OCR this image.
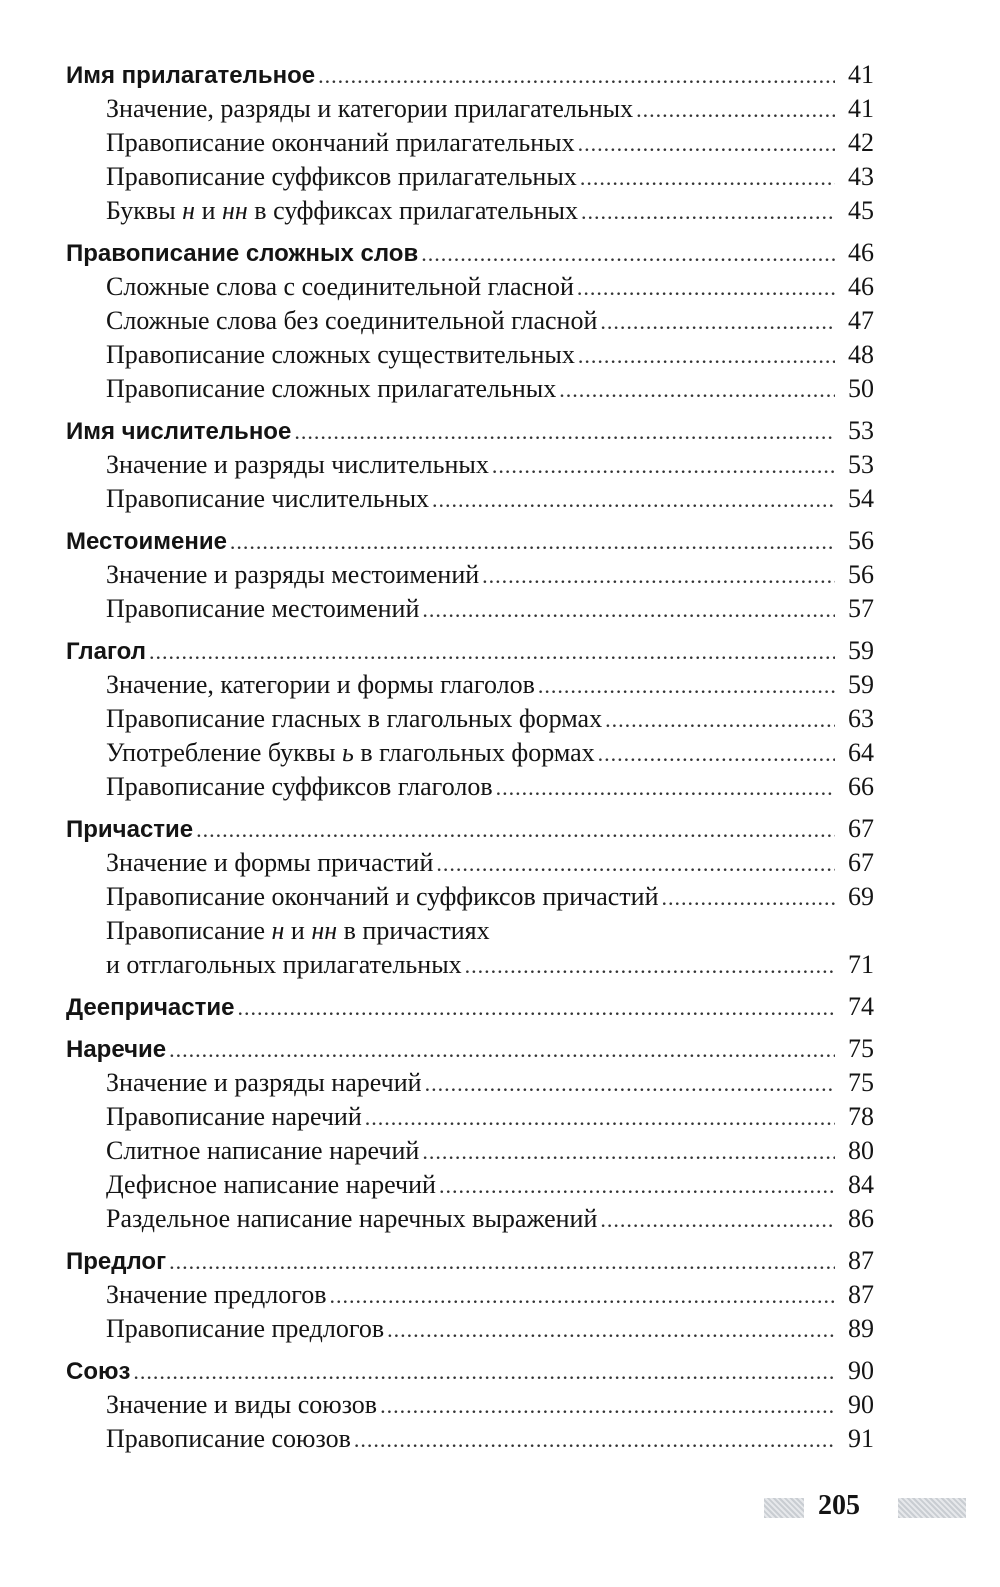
Имя прилагательное .....	41
Значение, разряды и категории прилагательных .....	41
Правописание окончаний прилагательных .....	42
Правописание суффиксов прилагательных .....	43
Буквы н и нн в суффиксах прилагательных .....	45
Правописание сложных слов .....	46
Сложные слова с соединительной гласной .....	46
Сложные слова без соединительной гласной .....	47
Правописание сложных существительных .....	48
Правописание сложных прилагательных .....	50
Имя числительное .....	53
Значение и разряды числительных .....	53
Правописание числительных .....	54
Местоимение .....	56
Значение и разряды местоимений .....	56
Правописание местоимений .....	57
Глагол .....	59
Значение, категории и формы глаголов .....	59
Правописание гласных в глагольных формах .....	63
Употребление буквы ь в глагольных формах .....	64
Правописание суффиксов глаголов .....	66
Причастие .....	67
Значение и формы причастий .....	67
Правописание окончаний и суффиксов причастий .....	69
Правописание н и нн в причастиях
и отглагольных прилагательных .....	71
Деепричастие .....	74
Наречие .....	75
Значение и разряды наречий .....	75
Правописание наречий .....	78
Слитное написание наречий .....	80
Дефисное написание наречий .....	84
Раздельное написание наречных выражений .....	86
Предлог .....	87
Значение предлогов .....	87
Правописание предлогов .....	89
Союз .....	90
Значение и виды союзов .....	90
Правописание союзов .....	91
205
